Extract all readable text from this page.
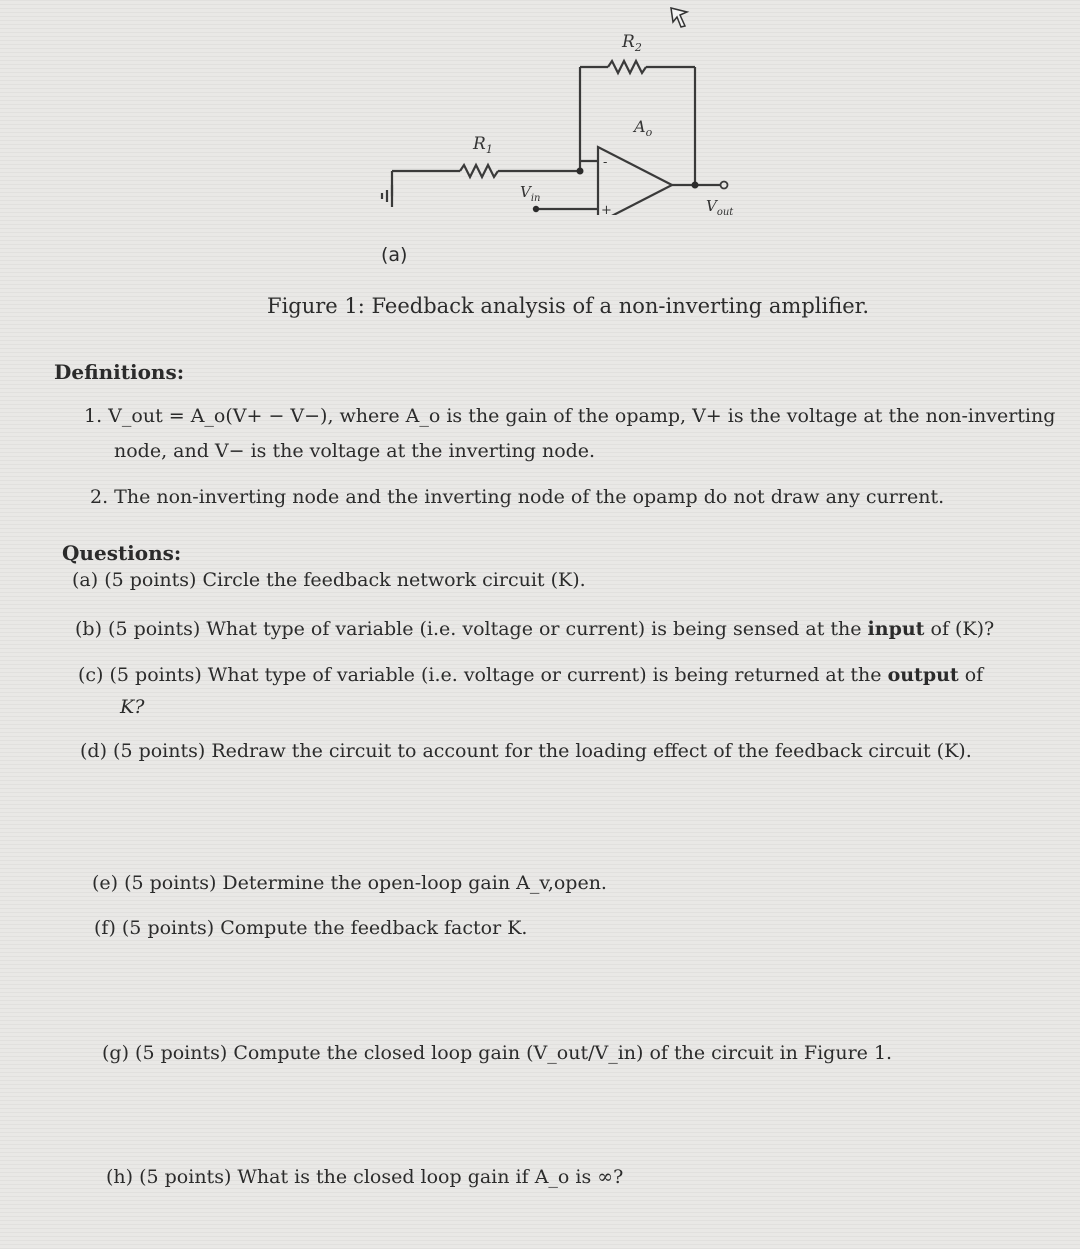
$R_1$
$R_2$
$A_o$
$V_{in}$	$V_{out}$
-
+
(a)
Figure 1: Feedback analysis of a non-inverting amplifier.
Definitions:
1. V_out = A_o(V+ − V−), where A_o is the gain of the opamp, V+ is the voltage at the non-inverting
node, and V− is the voltage at the inverting node.
2. The non-inverting node and the inverting node of the opamp do not draw any current.
Questions:
(a) (5 points) Circle the feedback network circuit (K).
(b) (5 points) What type of variable (i.e. voltage or current) is being sensed at the input of (K)?
(c) (5 points) What type of variable (i.e. voltage or current) is being returned at the output of
K?
(d) (5 points) Redraw the circuit to account for the loading effect of the feedback circuit (K).
(e) (5 points) Determine the open-loop gain A_v,open.
(f) (5 points) Compute the feedback factor K.
(g) (5 points) Compute the closed loop gain (V_out/V_in) of the circuit in Figure 1.
(h) (5 points) What is the closed loop gain if A_o is ∞?
